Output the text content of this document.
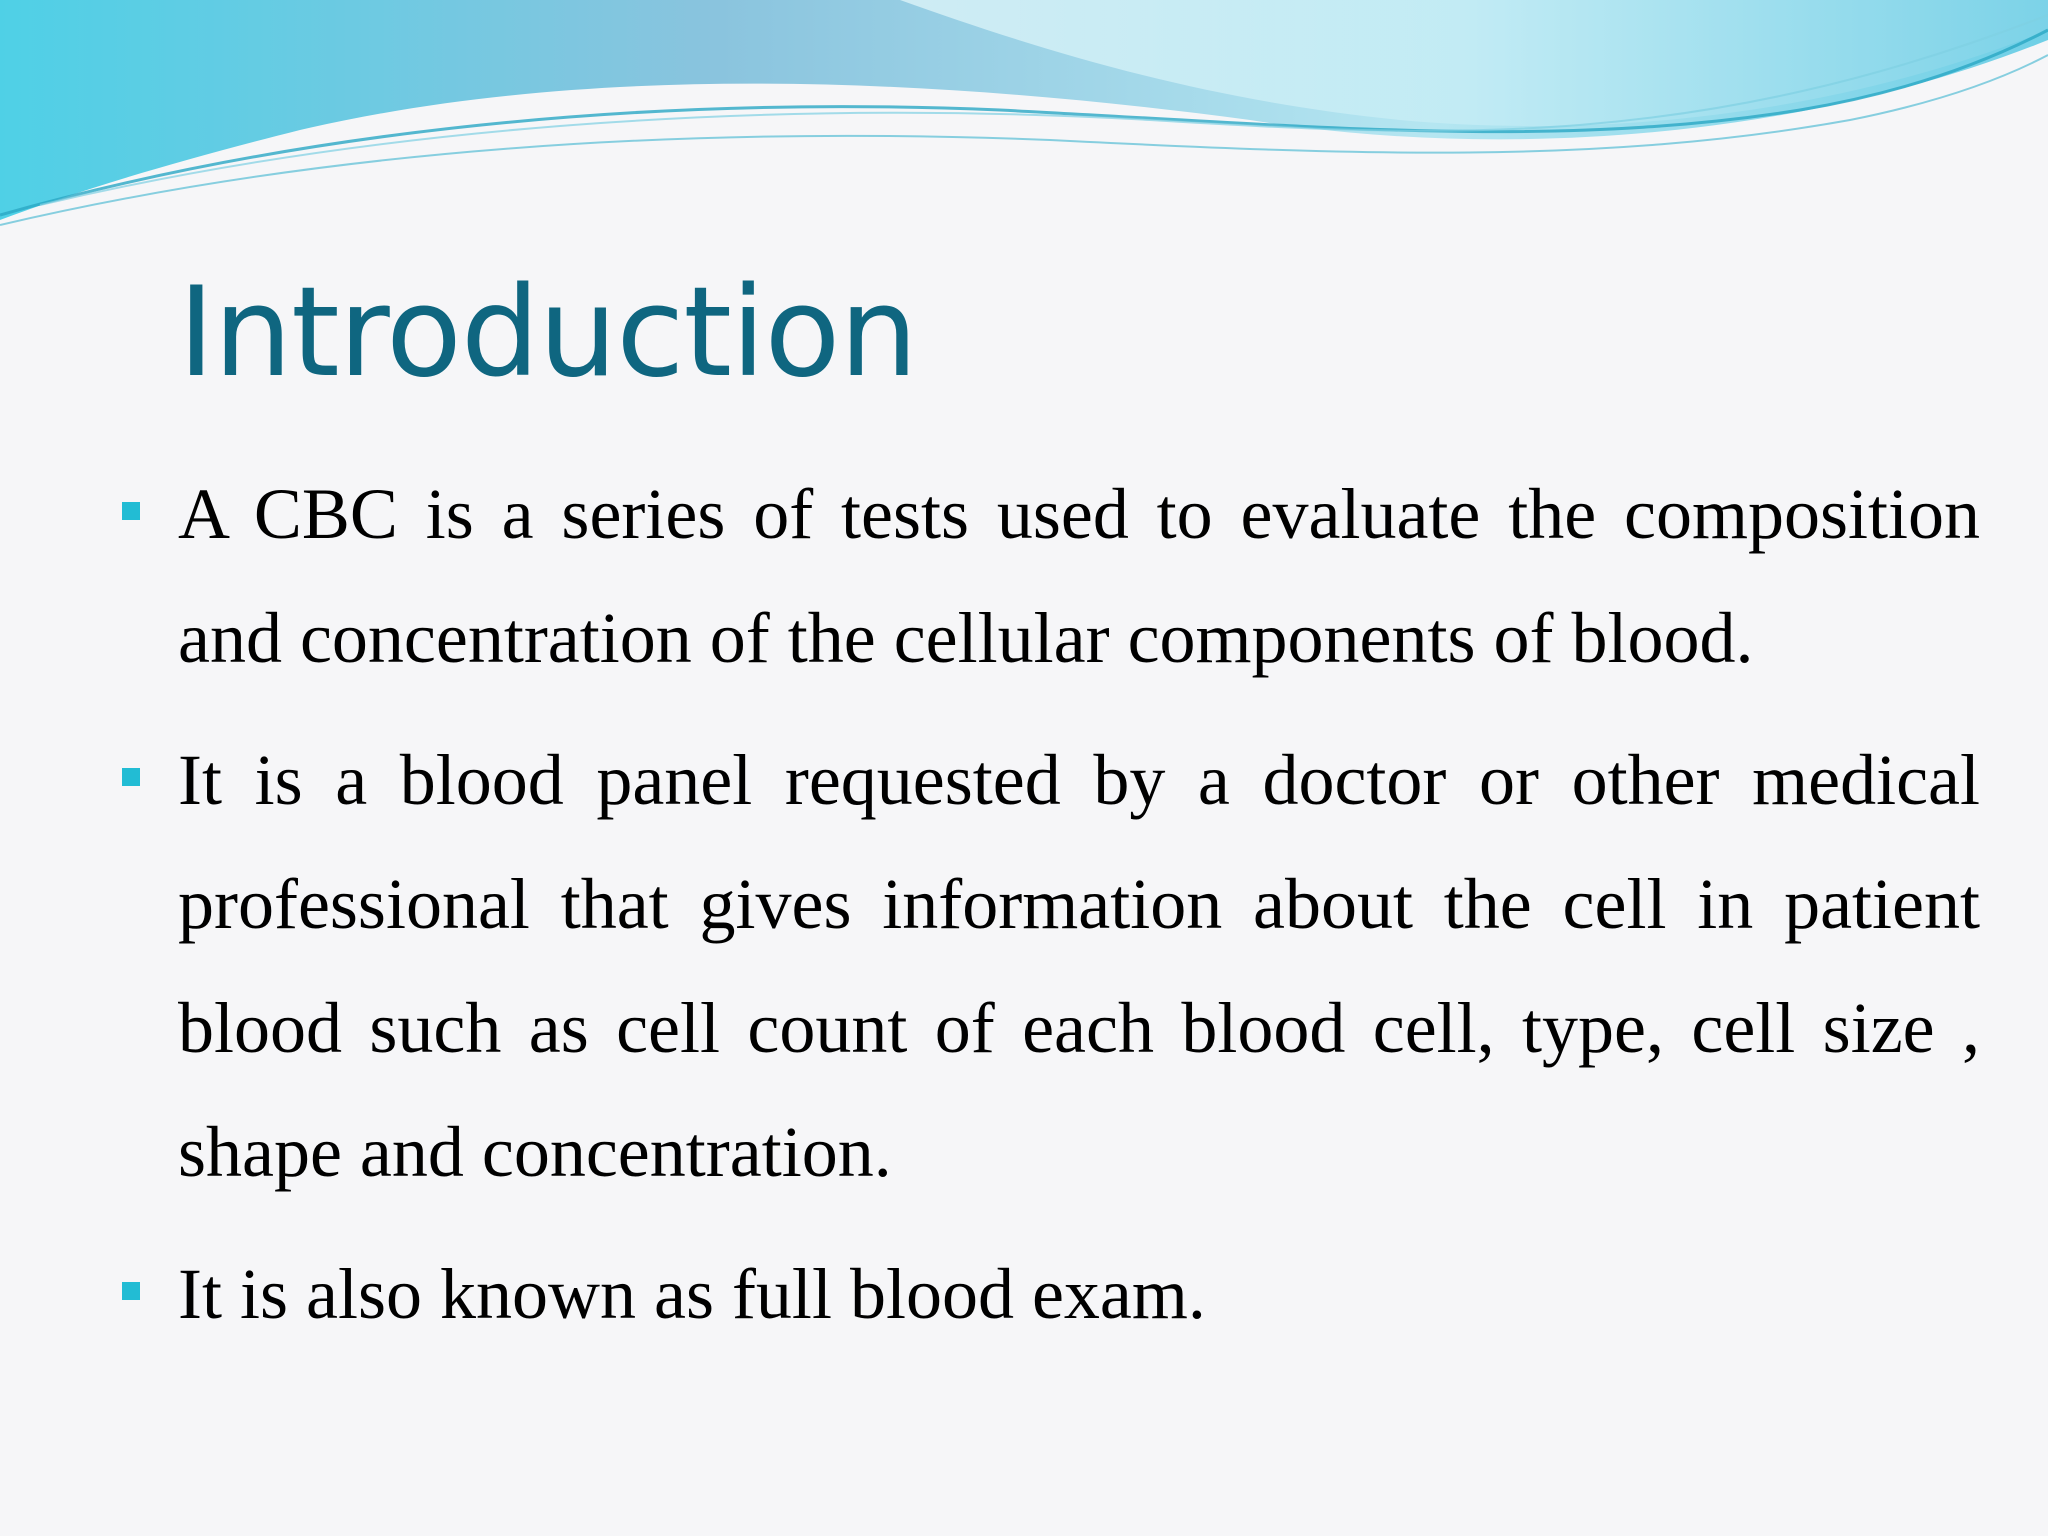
Introduction
A CBC is a series of tests used to evaluate the composition and concentration of the cellular components of blood.
It is a blood panel requested by a doctor or other medical professional that gives information about the cell in patient blood such as cell count of each blood cell, type, cell size , shape and concentration.
It is also known as full blood exam.
